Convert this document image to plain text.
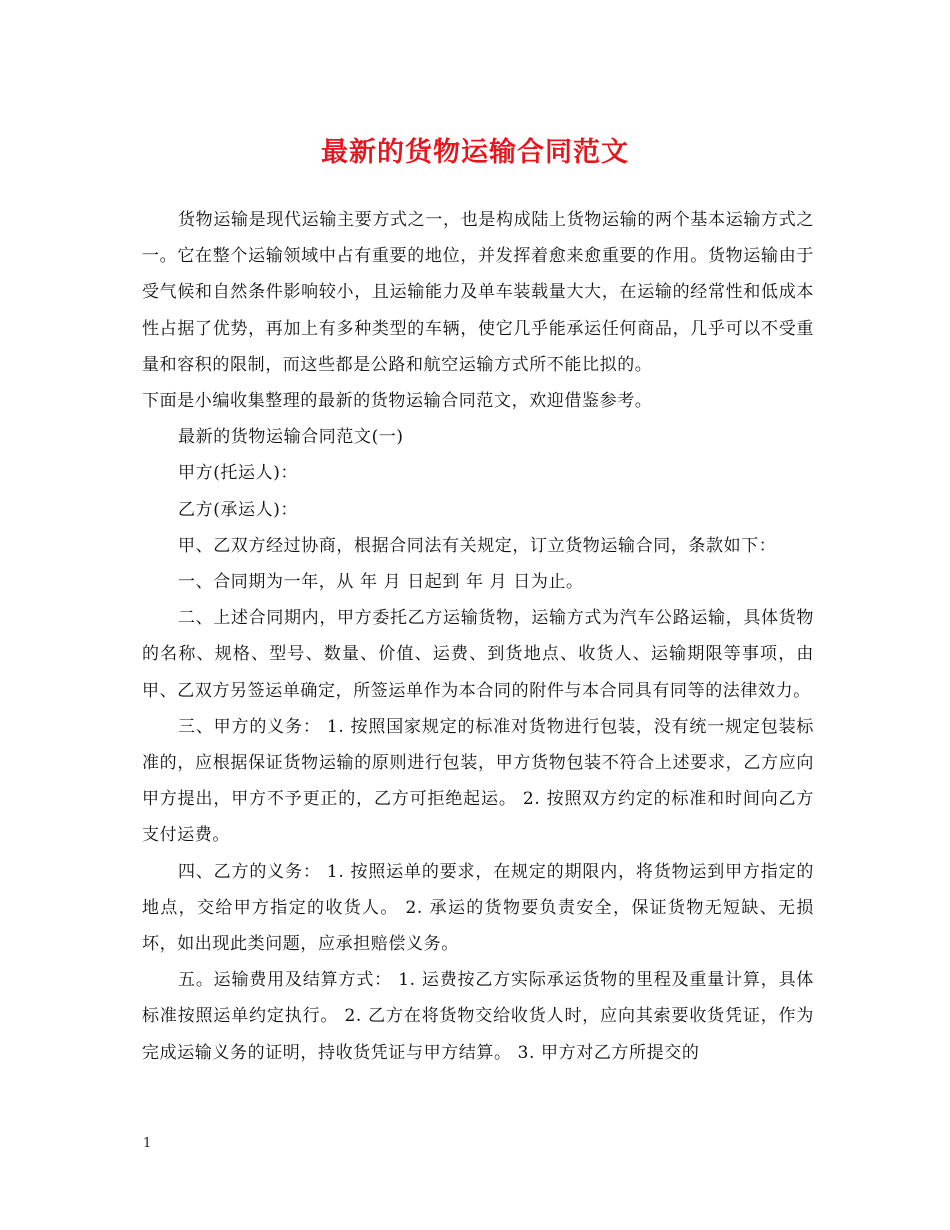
最新的货物运输合同范文

货物运输是现代运输主要方式之一，也是构成陆上货物运输的两个基本运输方式之一。它在整个运输领域中占有重要的地位，并发挥着愈来愈重要的作用。货物运输由于受气候和自然条件影响较小，且运输能力及单车装载量大大，在运输的经常性和低成本性占据了优势，再加上有多种类型的车辆，使它几乎能承运任何商品，几乎可以不受重量和容积的限制，而这些都是公路和航空运输方式所不能比拟的。

下面是小编收集整理的最新的货物运输合同范文，欢迎借鉴参考。

最新的货物运输合同范文(一)

甲方(托运人)：

乙方(承运人)：

甲、乙双方经过协商，根据合同法有关规定，订立货物运输合同，条款如下：

一、合同期为一年，从 年 月 日起到 年 月 日为止。

二、上述合同期内，甲方委托乙方运输货物，运输方式为汽车公路运输，具体货物的名称、规格、型号、数量、价值、运费、到货地点、收货人、运输期限等事项，由甲、乙双方另签运单确定，所签运单作为本合同的附件与本合同具有同等的法律效力。

三、甲方的义务： 1. 按照国家规定的标准对货物进行包装，没有统一规定包装标准的，应根据保证货物运输的原则进行包装，甲方货物包装不符合上述要求，乙方应向甲方提出，甲方不予更正的，乙方可拒绝起运。 2. 按照双方约定的标准和时间向乙方支付运费。

四、乙方的义务： 1. 按照运单的要求，在规定的期限内，将货物运到甲方指定的地点，交给甲方指定的收货人。 2. 承运的货物要负责安全，保证货物无短缺、无损坏，如出现此类问题，应承担赔偿义务。

五。运输费用及结算方式： 1. 运费按乙方实际承运货物的里程及重量计算，具体标准按照运单约定执行。 2. 乙方在将货物交给收货人时，应向其索要收货凭证，作为完成运输义务的证明，持收货凭证与甲方结算。 3. 甲方对乙方所提交的

1
